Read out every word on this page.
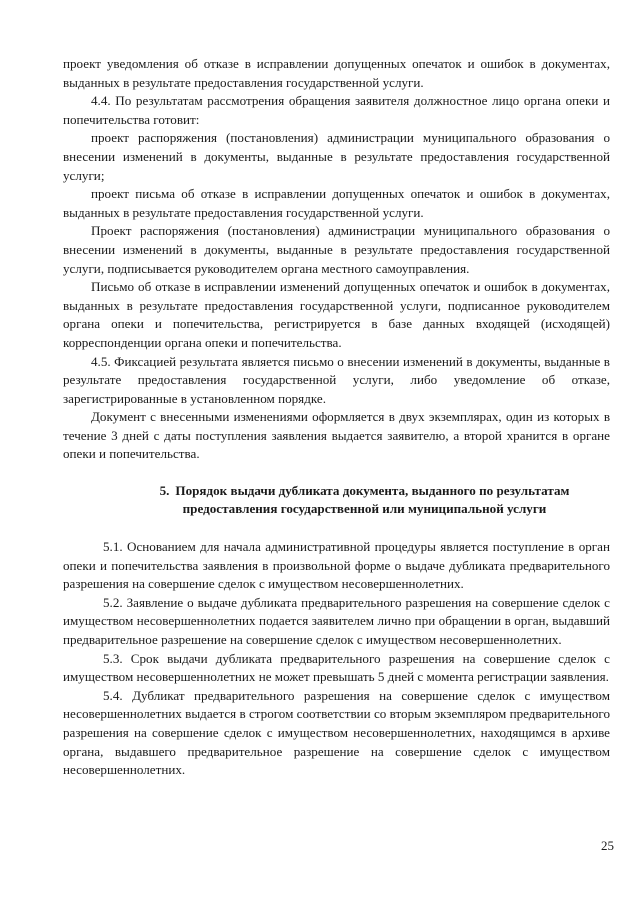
проект уведомления об отказе в исправлении допущенных опечаток и ошибок в документах, выданных в результате предоставления государственной услуги.

4.4. По результатам рассмотрения обращения заявителя должностное лицо органа опеки и попечительства готовит:

проект распоряжения (постановления) администрации муниципального образования о внесении изменений в документы, выданные в результате предоставления государственной услуги;

проект письма об отказе в исправлении допущенных опечаток и ошибок в документах, выданных в результате предоставления государственной услуги.

Проект распоряжения (постановления) администрации муниципального образования о внесении изменений в документы, выданные в результате предоставления государственной услуги, подписывается руководителем органа местного самоуправления.

Письмо об отказе в исправлении изменений допущенных опечаток и ошибок в документах, выданных в результате предоставления государственной услуги, подписанное руководителем органа опеки и попечительства, регистрируется в базе данных входящей (исходящей) корреспонденции органа опеки и попечительства.

4.5. Фиксацией результата является письмо о внесении изменений в документы, выданные в результате предоставления государственной услуги, либо уведомление об отказе, зарегистрированные в установленном порядке.

Документ с внесенными изменениями оформляется в двух экземплярах, один из которых в течение 3 дней с даты поступления заявления выдается заявителю, а второй хранится в органе опеки и попечительства.

5. Порядок выдачи дубликата документа, выданного по результатам предоставления государственной или муниципальной услуги

5.1. Основанием для начала административной процедуры является поступление в орган опеки и попечительства заявления в произвольной форме о выдаче дубликата предварительного разрешения на совершение сделок с имуществом несовершеннолетних.

5.2. Заявление о выдаче дубликата предварительного разрешения на совершение сделок с имуществом несовершеннолетних подается заявителем лично при обращении в орган, выдавший предварительное разрешение на совершение сделок с имуществом несовершеннолетних.

5.3. Срок выдачи дубликата предварительного разрешения на совершение сделок с имуществом несовершеннолетних не может превышать 5 дней с момента регистрации заявления.

5.4. Дубликат предварительного разрешения на совершение сделок с имуществом несовершеннолетних выдается в строгом соответствии со вторым экземпляром предварительного разрешения на совершение сделок с имуществом несовершеннолетних, находящимся в архиве органа, выдавшего предварительное разрешение на совершение сделок с имуществом несовершеннолетних.

25
